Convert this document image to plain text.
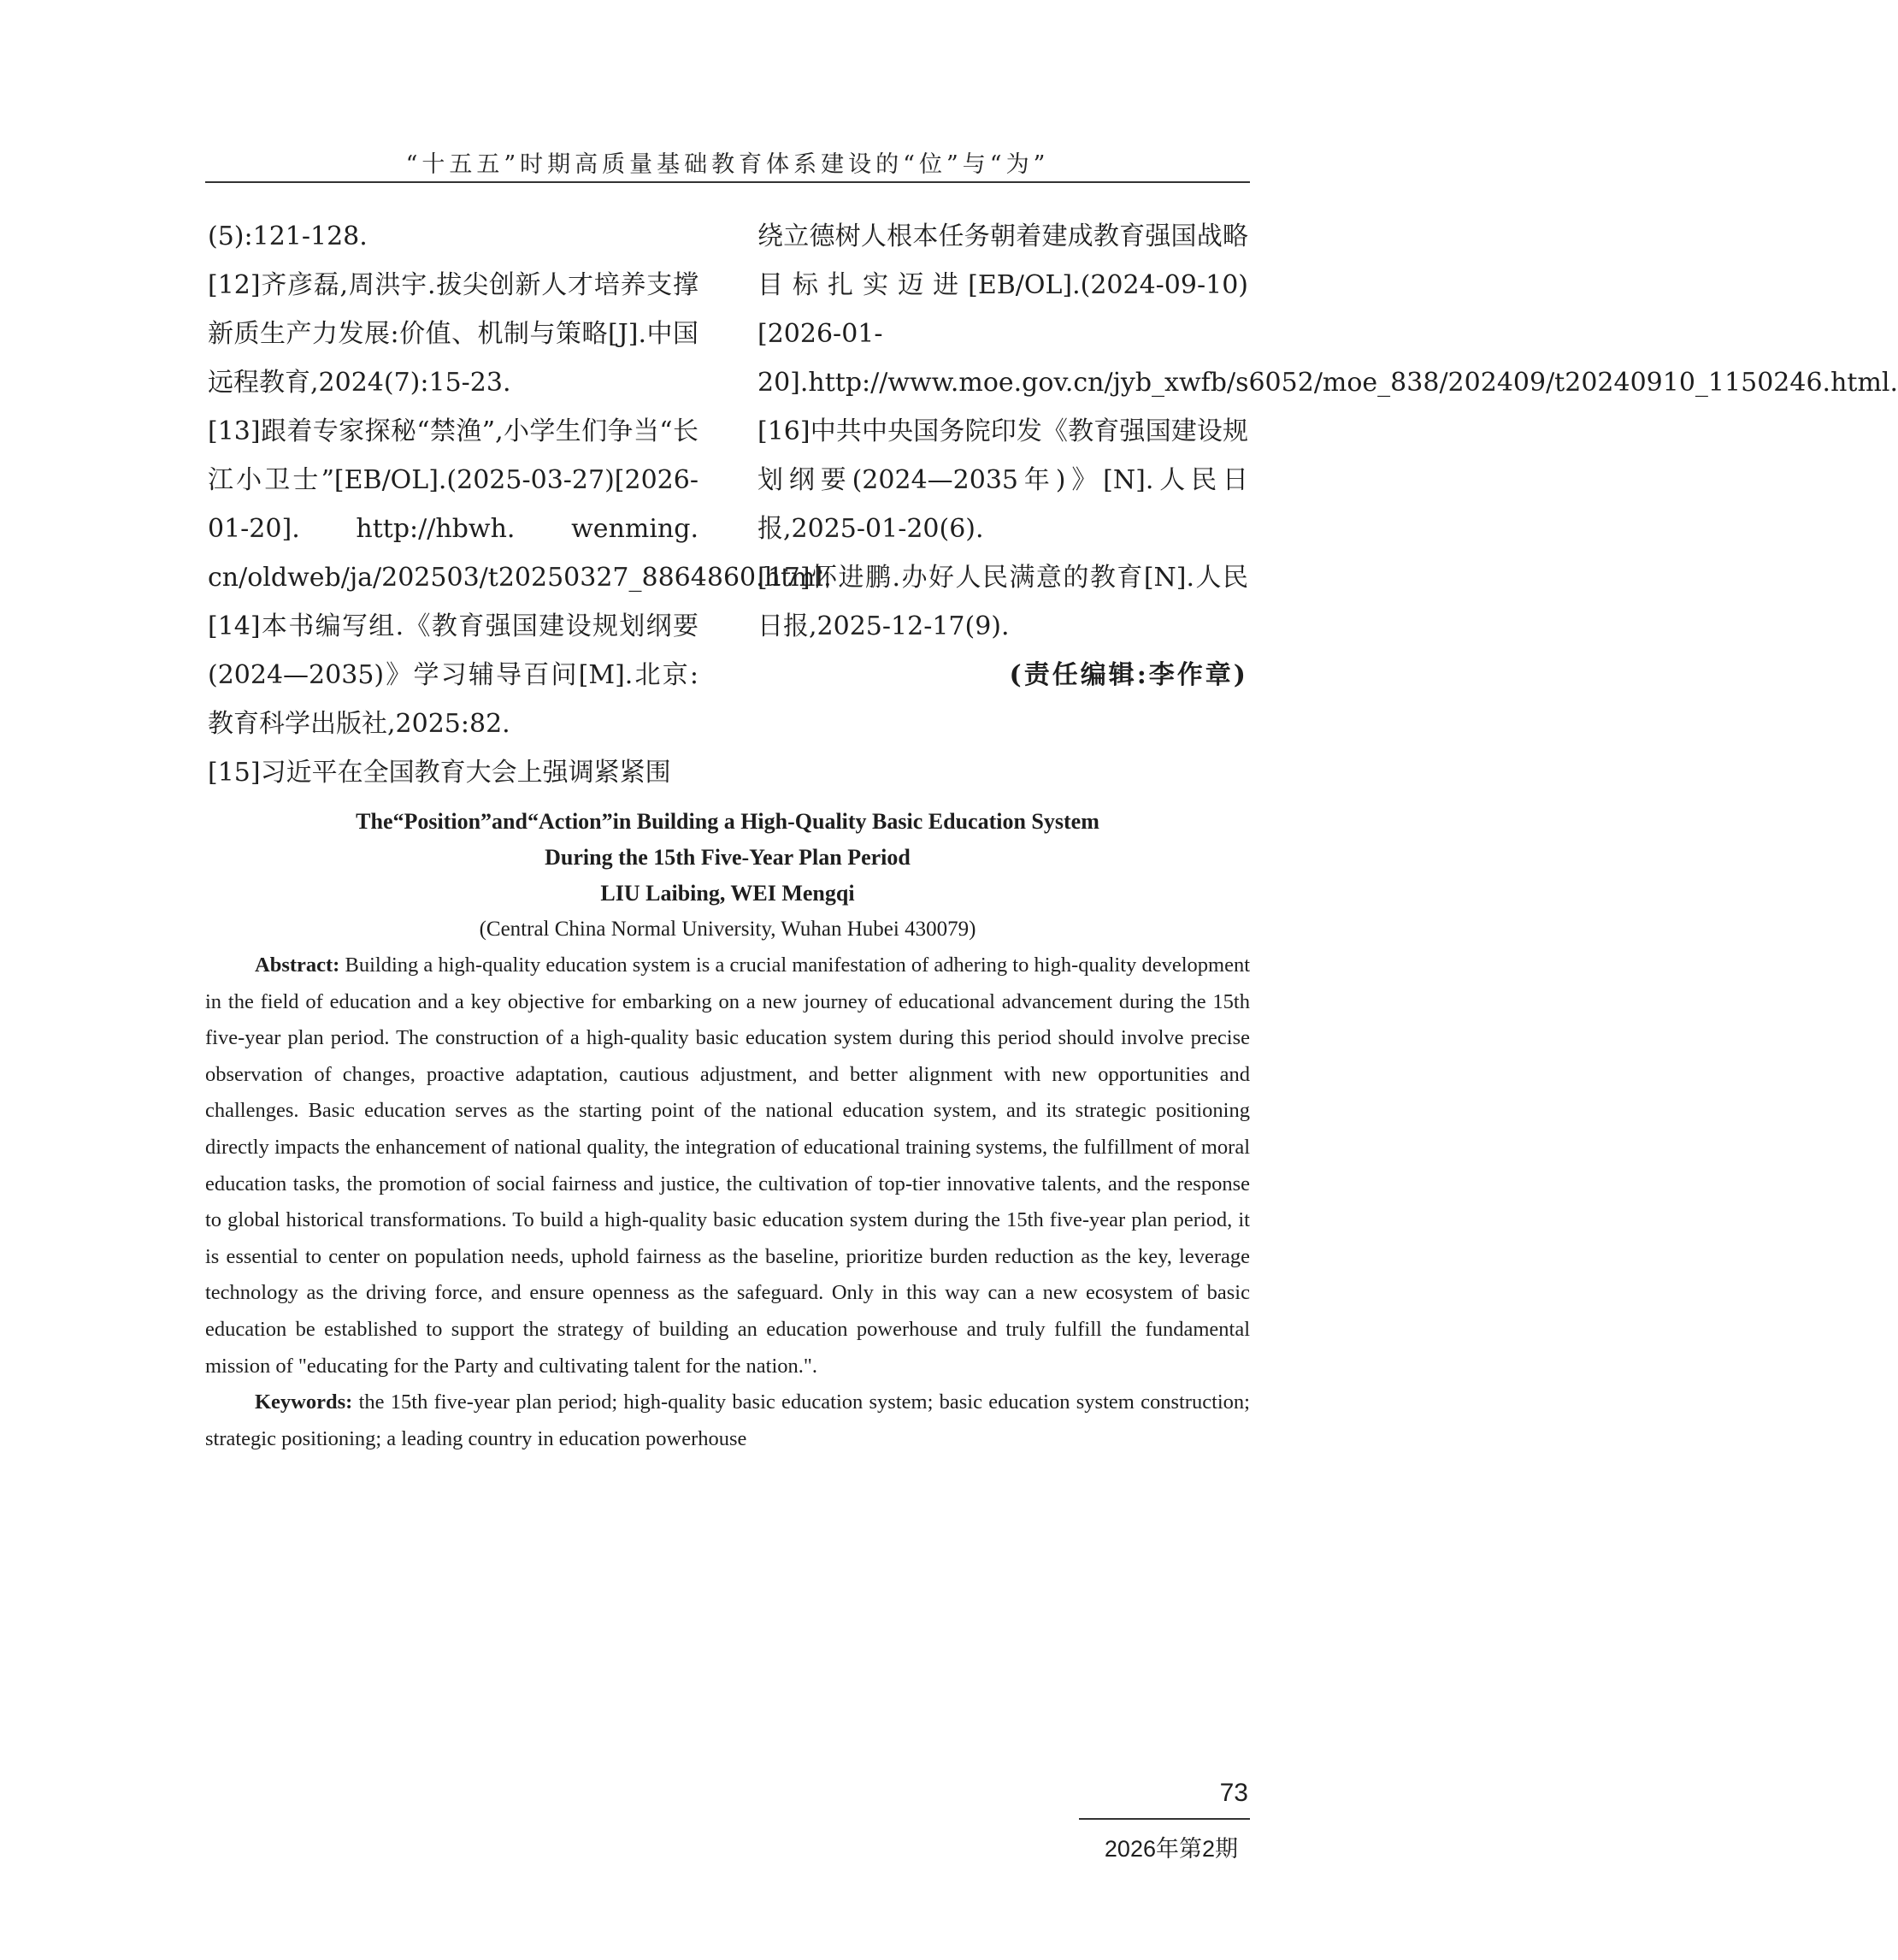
“十五五”时期高质量基础教育体系建设的“位”与“为”

(5):121-128.

[12]齐彦磊,周洪宇.拔尖创新人才培养支撑新质生产力发展:价值、机制与策略[J].中国远程教育,2024(7):15-23.

[13]跟着专家探秘“禁渔”,小学生们争当“长江小卫士”[EB/OL].(2025-03-27)[2026-01-20]. http://hbwh. wenming. cn/oldweb/ja/202503/t20250327_8864860.html.

[14]本书编写组.《教育强国建设规划纲要(2024—2035)》学习辅导百问[M].北京:教育科学出版社,2025:82.

[15]习近平在全国教育大会上强调紧紧围

绕立德树人根本任务朝着建成教育强国战略目标扎实迈进[EB/OL].(2024-09-10)[2026-01-20].http://www.moe.gov.cn/jyb_xwfb/s6052/moe_838/202409/t20240910_1150246.html.

[16]中共中央国务院印发《教育强国建设规划纲要(2024—2035年)》[N].人民日报,2025-01-20(6).

[17]怀进鹏.办好人民满意的教育[N].人民日报,2025-12-17(9).

(责任编辑:李作章)

The“Position”and“Action”in Building a High-Quality Basic Education System

During the 15th Five-Year Plan Period

LIU Laibing, WEI Mengqi

(Central China Normal University, Wuhan Hubei 430079)

Abstract: Building a high-quality education system is a crucial manifestation of adhering to high-quality development in the field of education and a key objective for embarking on a new journey of educational advancement during the 15th five-year plan period. The construction of a high-quality basic education system during this period should involve precise observation of changes, proactive adaptation, cautious adjustment, and better alignment with new opportunities and challenges. Basic education serves as the starting point of the national education system, and its strategic positioning directly impacts the enhancement of national quality, the integration of educational training systems, the fulfillment of moral education tasks, the promotion of social fairness and justice, the cultivation of top-tier innovative talents, and the response to global historical transformations. To build a high-quality basic education system during the 15th five-year plan period, it is essential to center on population needs, uphold fairness as the baseline, prioritize burden reduction as the key, leverage technology as the driving force, and ensure openness as the safeguard. Only in this way can a new ecosystem of basic education be established to support the strategy of building an education powerhouse and truly fulfill the fundamental mission of "educating for the Party and cultivating talent for the nation.".

Keywords: the 15th five-year plan period; high-quality basic education system; basic education system construction; strategic positioning; a leading country in education powerhouse

73
2026年第2期
